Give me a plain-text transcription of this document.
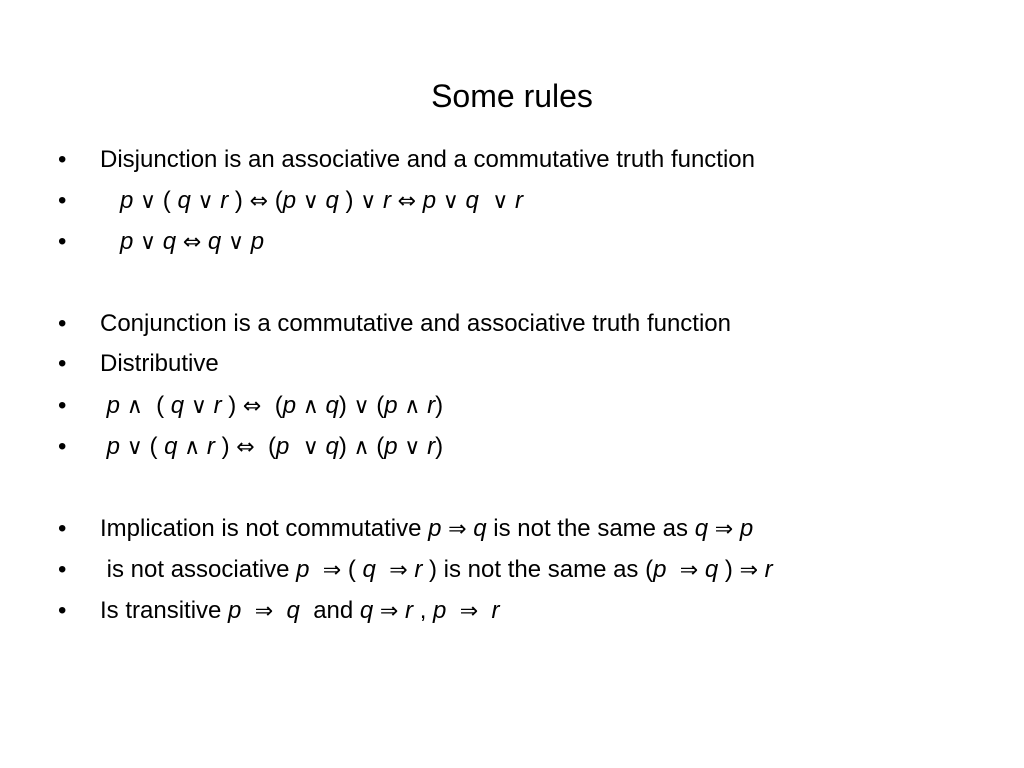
Some rules

•

	Disjunction is an associative and a commutative truth function

•

	p ∨ ( q ∨ r ) ⇔ (p ∨ q ) ∨ r ⇔ p ∨ q  ∨ r

•

	p ∨ q ⇔ q ∨ p

•

	Conjunction is a commutative and associative truth function

•

	Distributive

•

	p ∧  ( q ∨ r ) ⇔  (p ∧ q) ∨ (p ∧ r)

•

	p ∨ ( q ∧ r ) ⇔  (p  ∨ q) ∧ (p ∨ r)

•

	Implication is not commutative p ⇒ q is not the same as q ⇒ p

•

	is not associative p  ⇒ ( q  ⇒ r ) is not the same as (p  ⇒ q ) ⇒ r

•

	Is transitive p  ⇒  q  and q ⇒ r , p  ⇒  r
